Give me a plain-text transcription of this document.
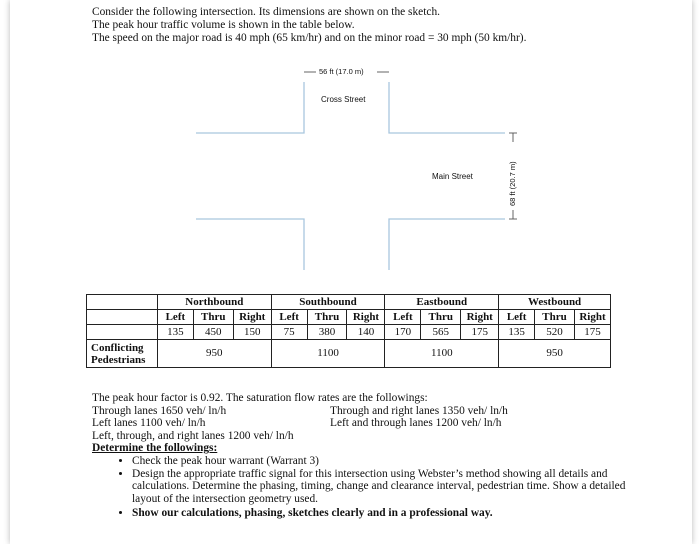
Consider the following intersection. Its dimensions are shown on the sketch.

The peak hour traffic volume is shown in the table below.

The speed on the major road is 40 mph (65 km/hr) and on the minor road = 30 mph (50 km/hr).

56 ft (17.0 m)
Cross Street
Main Street	68 ft (20.7 m)
	Northbound			Southbound			Eastbound			Westbound		
	Left	Thru	Right	Left	Thru	Right	Left	Thru	Right	Left	Thru	Right
	135	450	150	75	380	140	170	565	175	135	520	175
Conflicting
Pedestrians	950			1100			1100			950		
The peak hour factor is 0.92. The saturation flow rates are the followings:
Through lanes 1650 veh/ ln/h	Through and right lanes 1350 veh/ ln/h
Left lanes 1100 veh/ ln/h	Left and through lanes 1200 veh/ ln/h
Left, through, and right lanes 1200 veh/ ln/h
Determine the followings:
• Check the peak hour warrant (Warrant 3)
• Design the appropriate traffic signal for this intersection using Webster’s method showing all details and calculations. Determine the phasing, timing, change and clearance interval, pedestrian time. Show a detailed layout of the intersection geometry used.
• Show our calculations, phasing, sketches clearly and in a professional way.
